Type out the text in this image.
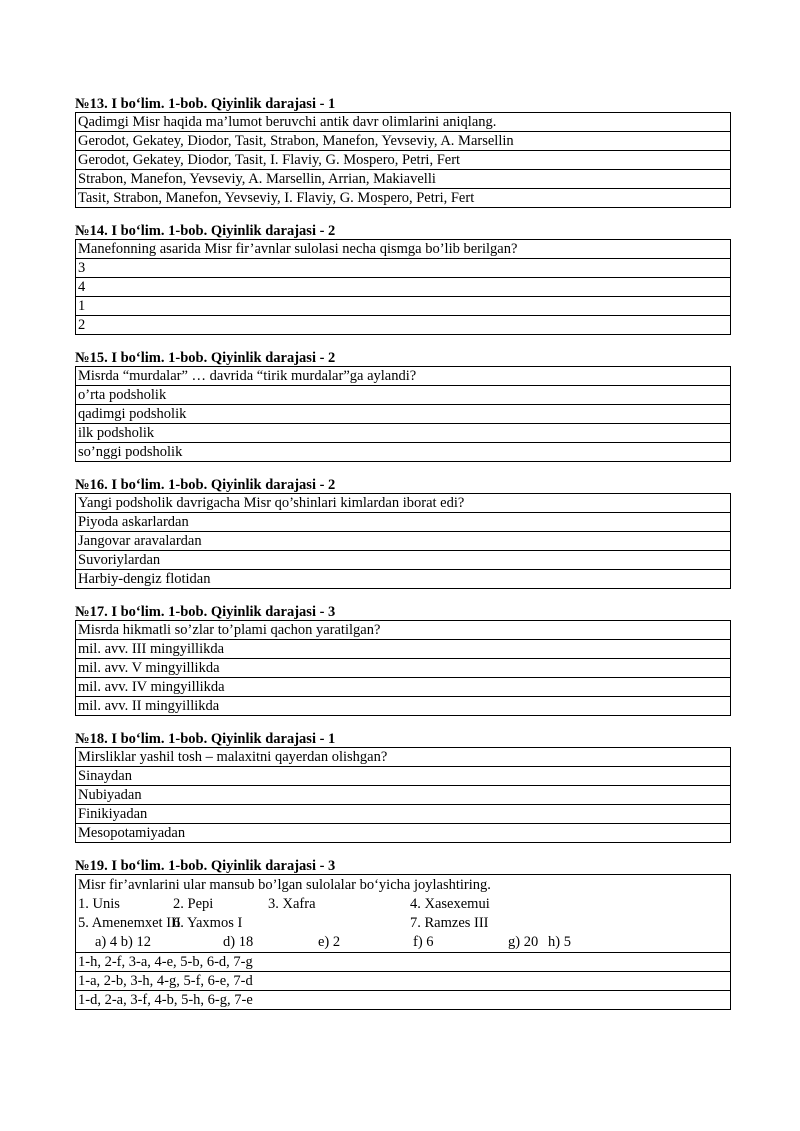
№13. I bo‘lim. 1-bob. Qiyinlik darajasi - 1
Qadimgi Misr haqida ma’lumot beruvchi antik davr olimlarini aniqlang.
Gerodot, Gekatey, Diodor, Tasit, Strabon, Manefon, Yevseviy, A. Marsellin
Gerodot, Gekatey, Diodor, Tasit, I. Flaviy, G. Mospero, Petri, Fert
Strabon, Manefon, Yevseviy, A. Marsellin, Arrian, Makiavelli
Tasit, Strabon, Manefon, Yevseviy, I. Flaviy, G. Mospero, Petri, Fert
№14. I bo‘lim. 1-bob. Qiyinlik darajasi - 2
Manefonning asarida Misr fir’avnlar sulolasi necha qismga bo’lib berilgan?
3
4
1
2
№15. I bo‘lim. 1-bob. Qiyinlik darajasi - 2
Misrda “murdalar” … davrida “tirik murdalar”ga aylandi?
o’rta podsholik
qadimgi podsholik
ilk podsholik
so’nggi podsholik
№16. I bo‘lim. 1-bob. Qiyinlik darajasi - 2
Yangi podsholik davrigacha Misr qo’shinlari kimlardan iborat edi?
Piyoda askarlardan
Jangovar aravalardan
Suvoriylardan
Harbiy-dengiz flotidan
№17. I bo‘lim. 1-bob. Qiyinlik darajasi - 3
Misrda hikmatli so’zlar to’plami qachon yaratilgan?
mil. avv. III mingyillikda
mil. avv. V mingyillikda
mil. avv. IV mingyillikda
mil. avv. II mingyillikda
№18. I bo‘lim. 1-bob. Qiyinlik darajasi - 1
Mirsliklar yashil tosh – malaxitni qayerdan olishgan?
Sinaydan
Nubiyadan
Finikiyadan
Mesopotamiyadan
№19. I bo‘lim. 1-bob. Qiyinlik darajasi - 3
Misr fir’avnlarini ular mansub bo’lgan sulolalar bo‘yicha joylashtiring.
1. Unis	2. Pepi	3. Xafra	4. Xasexemui
5. Amenemxet III
6. Yaxmos I	7. Ramzes III
a) 4 b) 12	d) 18	e) 2	f) 6	g) 20 h) 5

1-h, 2-f, 3-a, 4-e, 5-b, 6-d, 7-g
1-a, 2-b, 3-h, 4-g, 5-f, 6-e, 7-d
1-d, 2-a, 3-f, 4-b, 5-h, 6-g, 7-e
